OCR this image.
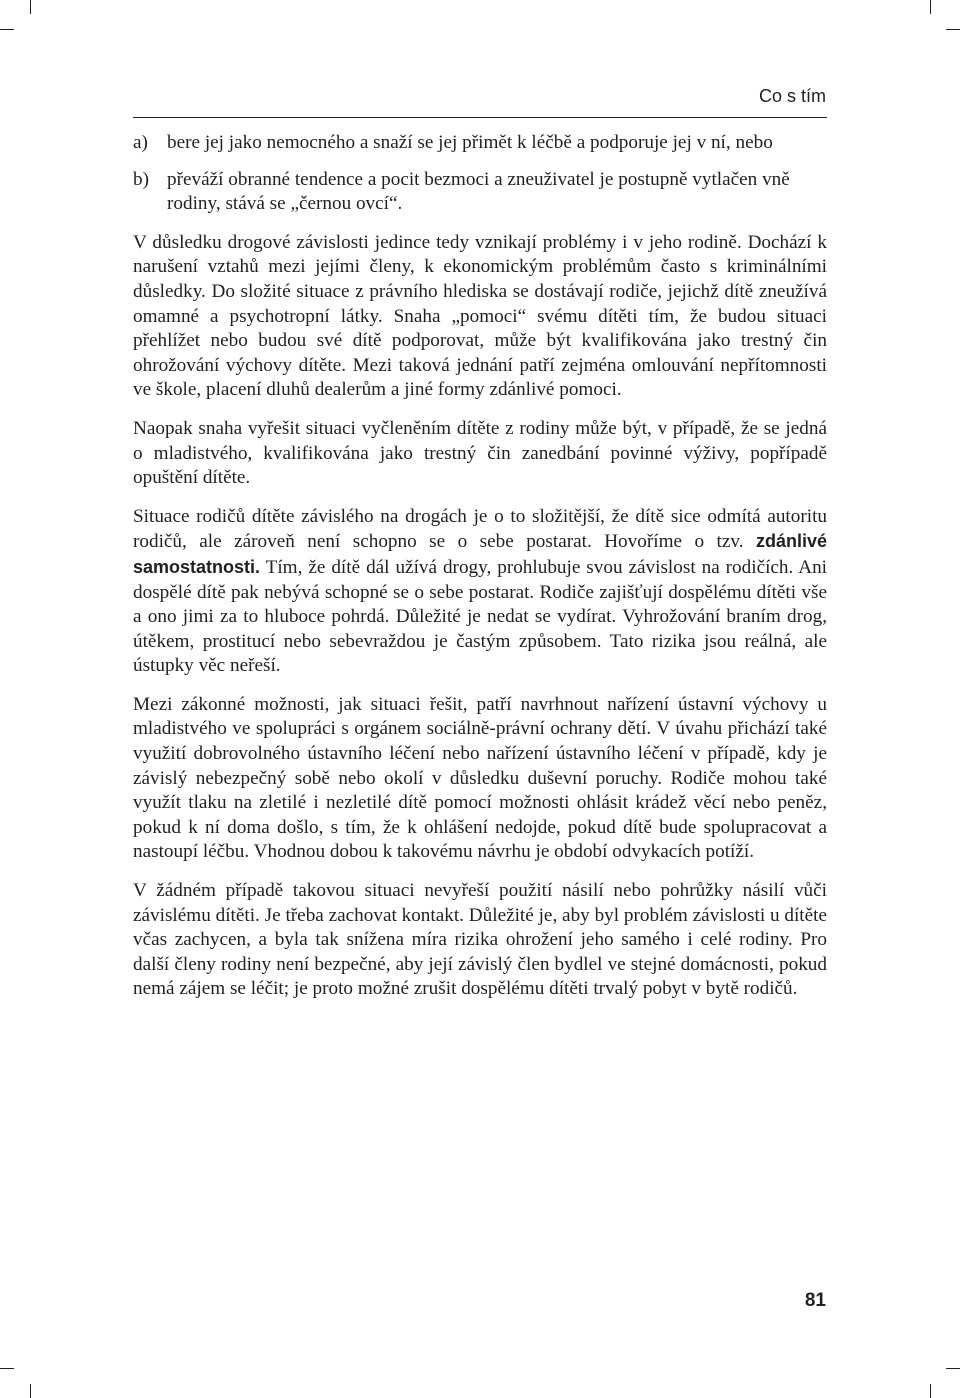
Co s tím
a) bere jej jako nemocného a snaží se jej přimět k léčbě a podporuje jej v ní, nebo
b) převáží obranné tendence a pocit bezmoci a zneuživatel je postupně vytlačen vně rodiny, stává se „černou ovcí“.

V důsledku drogové závislosti jedince tedy vznikají problémy i v jeho rodině. Dochází k narušení vztahů mezi jejími členy, k ekonomickým problémům často s kriminálními důsledky. Do složité situace z právního hlediska se dostávají rodiče, jejichž dítě zneužívá omamné a psychotropní látky. Snaha „pomoci“ svému dítěti tím, že budou situaci přehlížet nebo budou své dítě podporovat, může být kvalifikována jako trestný čin ohrožování výchovy dítěte. Mezi taková jednání patří zejména omlouvání nepřítomnosti ve škole, placení dluhů dealerům a jiné formy zdánlivé pomoci.

Naopak snaha vyřešit situaci vyčleněním dítěte z rodiny může být, v případě, že se jedná o mladistvého, kvalifikována jako trestný čin zanedbání povinné výživy, popřípadě opuštění dítěte.

Situace rodičů dítěte závislého na drogách je o to složitější, že dítě sice odmítá autoritu rodičů, ale zároveň není schopno se o sebe postarat. Hovoříme o tzv. zdánlivé samostatnosti. Tím, že dítě dál užívá drogy, prohlubuje svou závislost na rodičích. Ani dospělé dítě pak nebývá schopné se o sebe postarat. Rodiče zajišťují dospělému dítěti vše a ono jimi za to hluboce pohrdá. Důležité je nedat se vydírat. Vyhrožování braním drog, útěkem, prostitucí nebo sebevraždou je častým způsobem. Tato rizika jsou reálná, ale ústupky věc neřeší.

Mezi zákonné možnosti, jak situaci řešit, patří navrhnout nařízení ústavní výchovy u mladistvého ve spolupráci s orgánem sociálně-právní ochrany dětí. V úvahu přichází také využití dobrovolného ústavního léčení nebo nařízení ústavního léčení v případě, kdy je závislý nebezpečný sobě nebo okolí v důsledku duševní poruchy. Rodiče mohou také využít tlaku na zletilé i nezletilé dítě pomocí možnosti ohlásit krádež věcí nebo peněz, pokud k ní doma došlo, s tím, že k ohlášení nedojde, pokud dítě bude spolupracovat a nastoupí léčbu. Vhodnou dobou k takovému návrhu je období odvykacích potíží.

V žádném případě takovou situaci nevyřeší použití násilí nebo pohrůžky násilí vůči závislému dítěti. Je třeba zachovat kontakt. Důležité je, aby byl problém závislosti u dítěte včas zachycen, a byla tak snížena míra rizika ohrožení jeho samého i celé rodiny. Pro další členy rodiny není bezpečné, aby její závislý člen bydlel ve stejné domácnosti, pokud nemá zájem se léčit; je proto možné zrušit dospělému dítěti trvalý pobyt v bytě rodičů.

81
